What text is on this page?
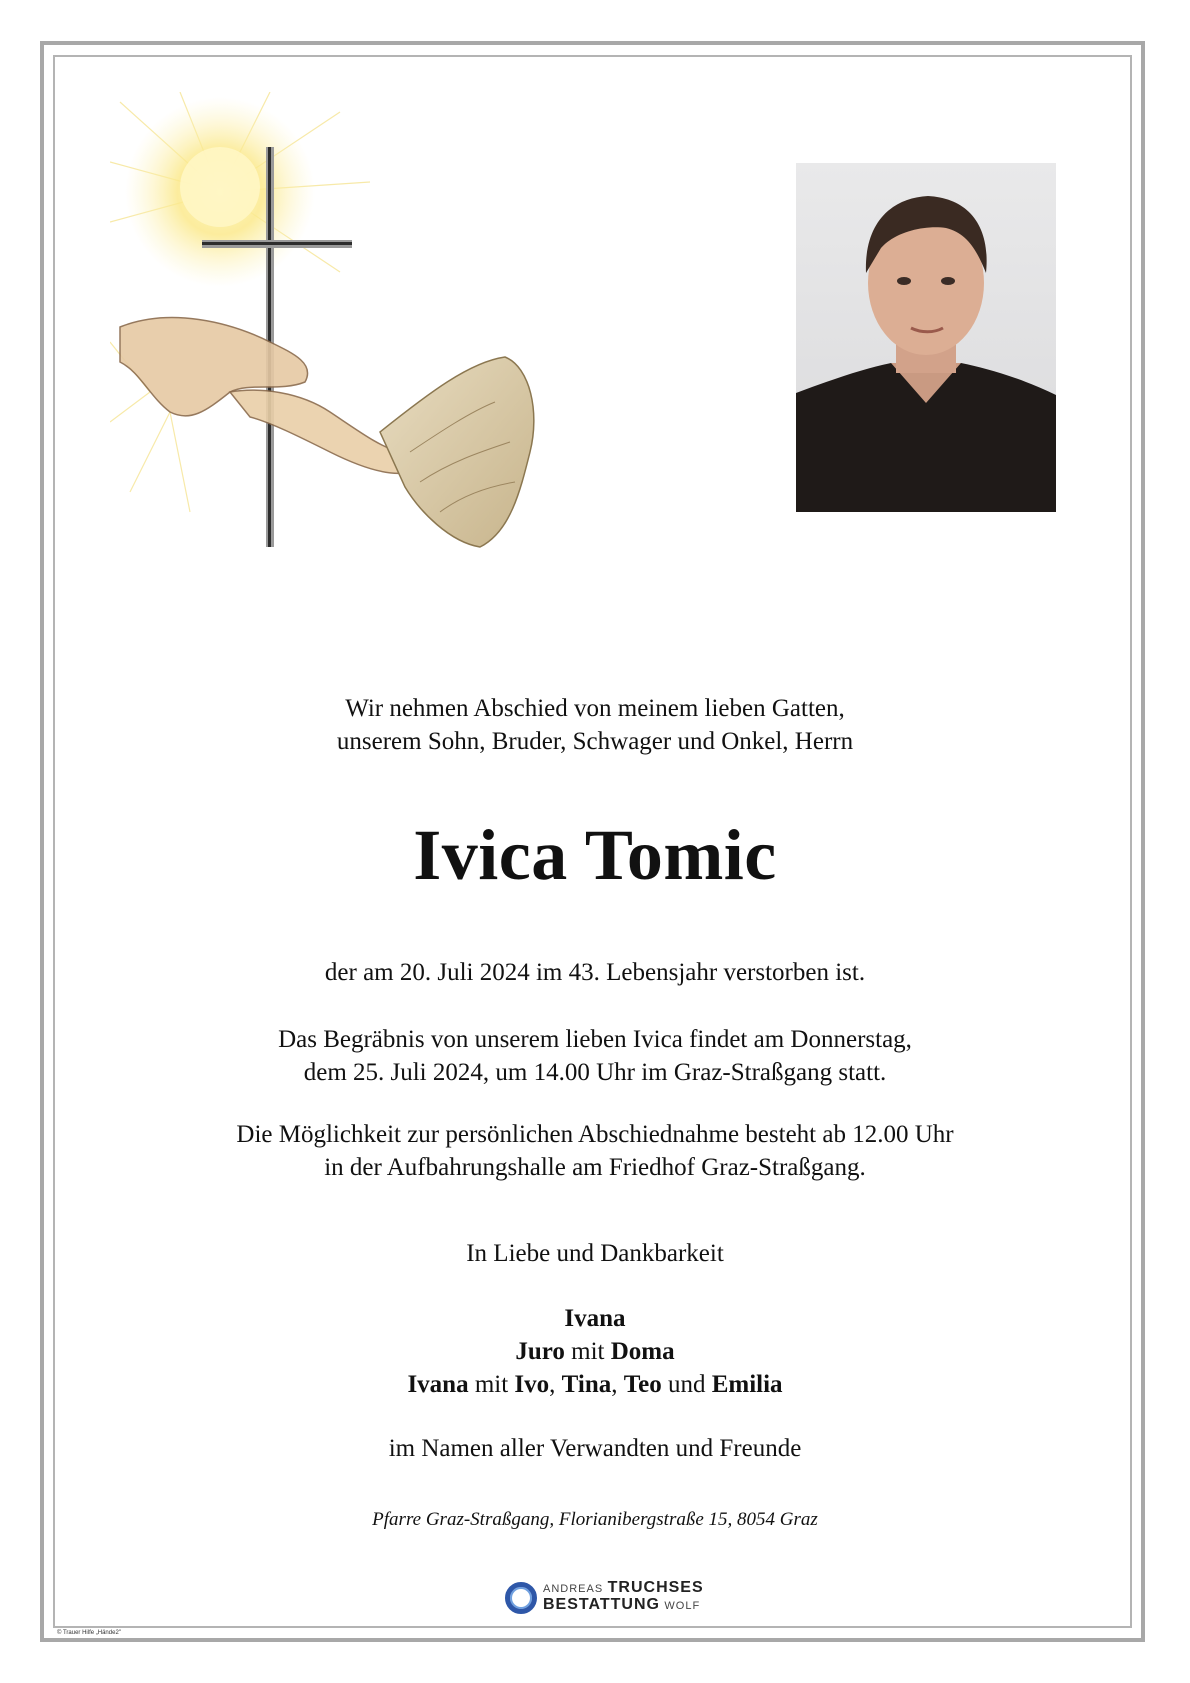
Wir nehmen Abschied von meinem lieben Gatten,
unserem Sohn, Bruder, Schwager und Onkel, Herrn
Ivica Tomic
der am 20. Juli 2024 im 43. Lebensjahr verstorben ist.
Das Begräbnis von unserem lieben Ivica findet am Donnerstag,
dem 25. Juli 2024, um 14.00 Uhr im Graz-Straßgang statt.
Die Möglichkeit zur persönlichen Abschiednahme besteht ab 12.00 Uhr
in der Aufbahrungshalle am Friedhof Graz-Straßgang.
In Liebe und Dankbarkeit
Ivana
Juro mit Doma
Ivana mit Ivo, Tina, Teo und Emilia
im Namen aller Verwandten und Freunde
Pfarre Graz-Straßgang, Florianibergstraße 15, 8054 Graz
ANDREAS TRUCHSES
BESTATTUNG WOLF
© Trauer Hilfe „Hände2"
